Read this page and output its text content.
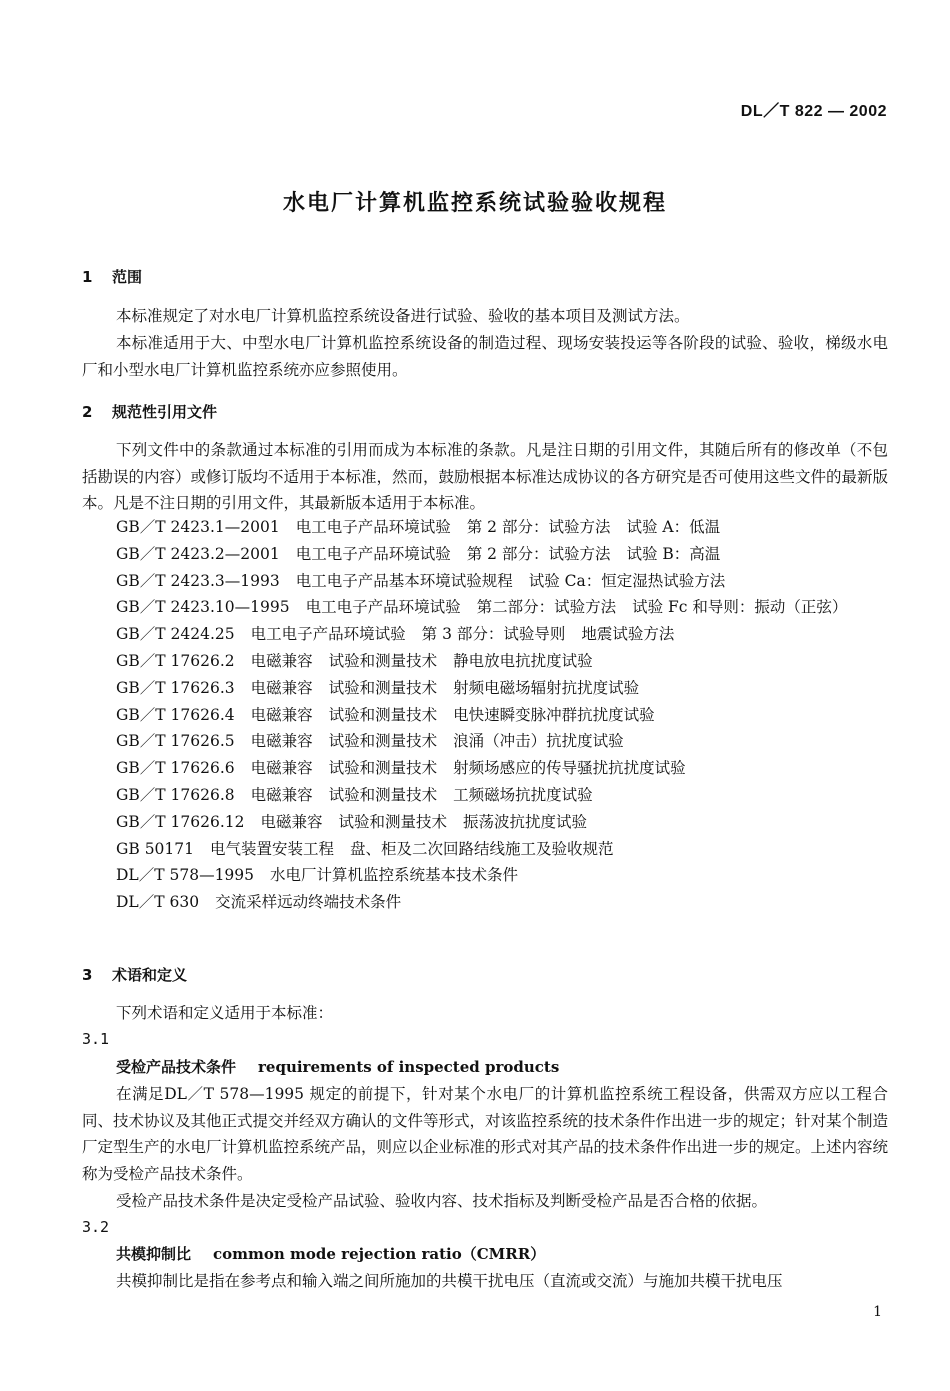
DL／T 822 — 2002
水电厂计算机监控系统试验验收规程
1 范围
本标准规定了对水电厂计算机监控系统设备进行试验、验收的基本项目及测试方法。
本标准适用于大、中型水电厂计算机监控系统设备的制造过程、现场安装投运等各阶段的试验、验收，梯级水电厂和小型水电厂计算机监控系统亦应参照使用。
2 规范性引用文件
下列文件中的条款通过本标准的引用而成为本标准的条款。凡是注日期的引用文件，其随后所有的修改单（不包括勘误的内容）或修订版均不适用于本标准，然而，鼓励根据本标准达成协议的各方研究是否可使用这些文件的最新版本。凡是不注日期的引用文件，其最新版本适用于本标准。
GB／T 2423.1—2001 电工电子产品环境试验 第 2 部分：试验方法 试验 A：低温
GB／T 2423.2—2001 电工电子产品环境试验 第 2 部分：试验方法 试验 B：高温
GB／T 2423.3—1993 电工电子产品基本环境试验规程 试验 Ca：恒定湿热试验方法
GB／T 2423.10—1995 电工电子产品环境试验 第二部分：试验方法 试验 Fc 和导则：振动（正弦）
GB／T 2424.25 电工电子产品环境试验 第 3 部分：试验导则 地震试验方法
GB／T 17626.2 电磁兼容 试验和测量技术 静电放电抗扰度试验
GB／T 17626.3 电磁兼容 试验和测量技术 射频电磁场辐射抗扰度试验
GB／T 17626.4 电磁兼容 试验和测量技术 电快速瞬变脉冲群抗扰度试验
GB／T 17626.5 电磁兼容 试验和测量技术 浪涌（冲击）抗扰度试验
GB／T 17626.6 电磁兼容 试验和测量技术 射频场感应的传导骚扰抗扰度试验
GB／T 17626.8 电磁兼容 试验和测量技术 工频磁场抗扰度试验
GB／T 17626.12 电磁兼容 试验和测量技术 振荡波抗扰度试验
GB 50171 电气装置安装工程 盘、柜及二次回路结线施工及验收规范
DL／T 578—1995 水电厂计算机监控系统基本技术条件
DL／T 630 交流采样远动终端技术条件
3 术语和定义
下列术语和定义适用于本标准：
3.1
受检产品技术条件 requirements of inspected products
在满足DL／T 578—1995 规定的前提下，针对某个水电厂的计算机监控系统工程设备，供需双方应以工程合同、技术协议及其他正式提交并经双方确认的文件等形式，对该监控系统的技术条件作出进一步的规定；针对某个制造厂定型生产的水电厂计算机监控系统产品，则应以企业标准的形式对其产品的技术条件作出进一步的规定。上述内容统称为受检产品技术条件。
受检产品技术条件是决定受检产品试验、验收内容、技术指标及判断受检产品是否合格的依据。
3.2
共模抑制比 common mode rejection ratio（CMRR）
共模抑制比是指在参考点和输入端之间所施加的共模干扰电压（直流或交流）与施加共模干扰电压
1
